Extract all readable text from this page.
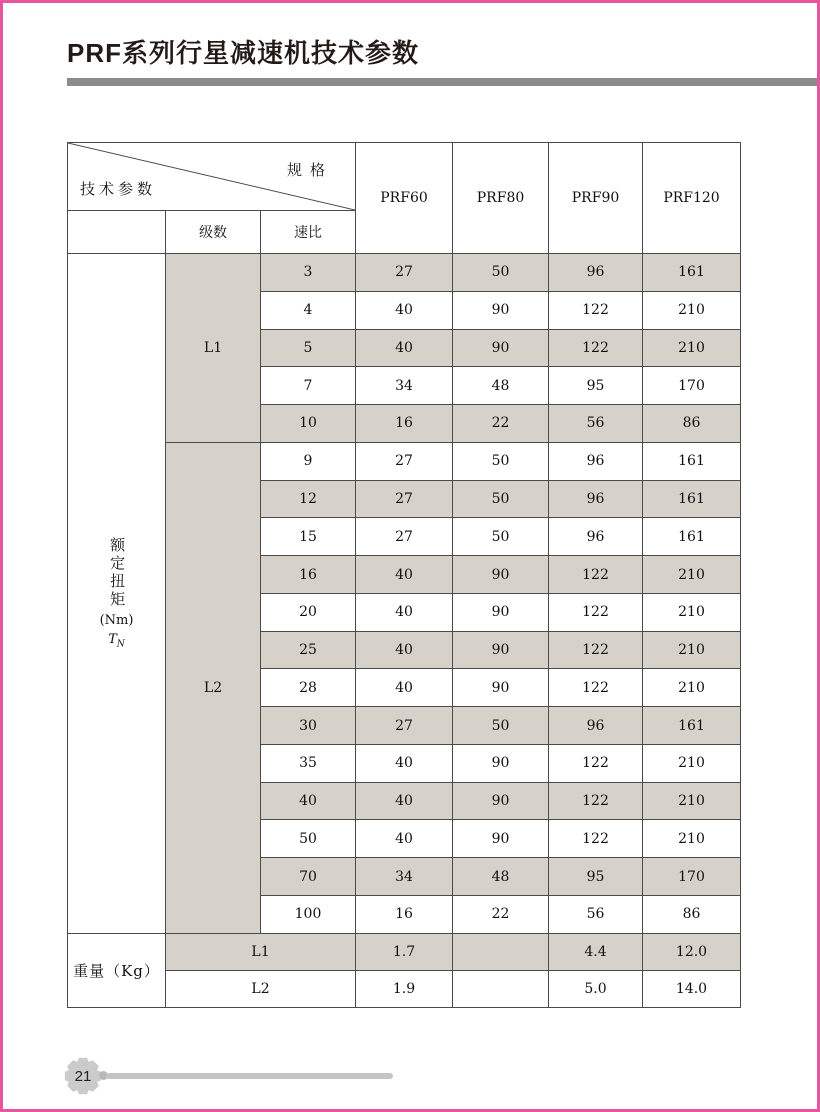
PRF系列行星减速机技术参数
规格
技术参数			PRF60	PRF80	PRF90	PRF120
	级数	速比				

额定扭矩
(Nm)
$T_N$	L1	3	27	50	96	161
		4	40	90	122	210
		5	40	90	122	210
		7	34	48	95	170
		10	16	22	56	86
	L2	9	27	50	96	161
		12	27	50	96	161
		15	27	50	96	161
		16	40	90	122	210
		20	40	90	122	210
		25	40	90	122	210
		28	40	90	122	210
		30	27	50	96	161
		35	40	90	122	210
		40	40	90	122	210
		50	40	90	122	210
		70	34	48	95	170
		100	16	22	56	86

重量（Kg）	L1		1.7		4.4	12.0
	L2		1.9		5.0	14.0
21
